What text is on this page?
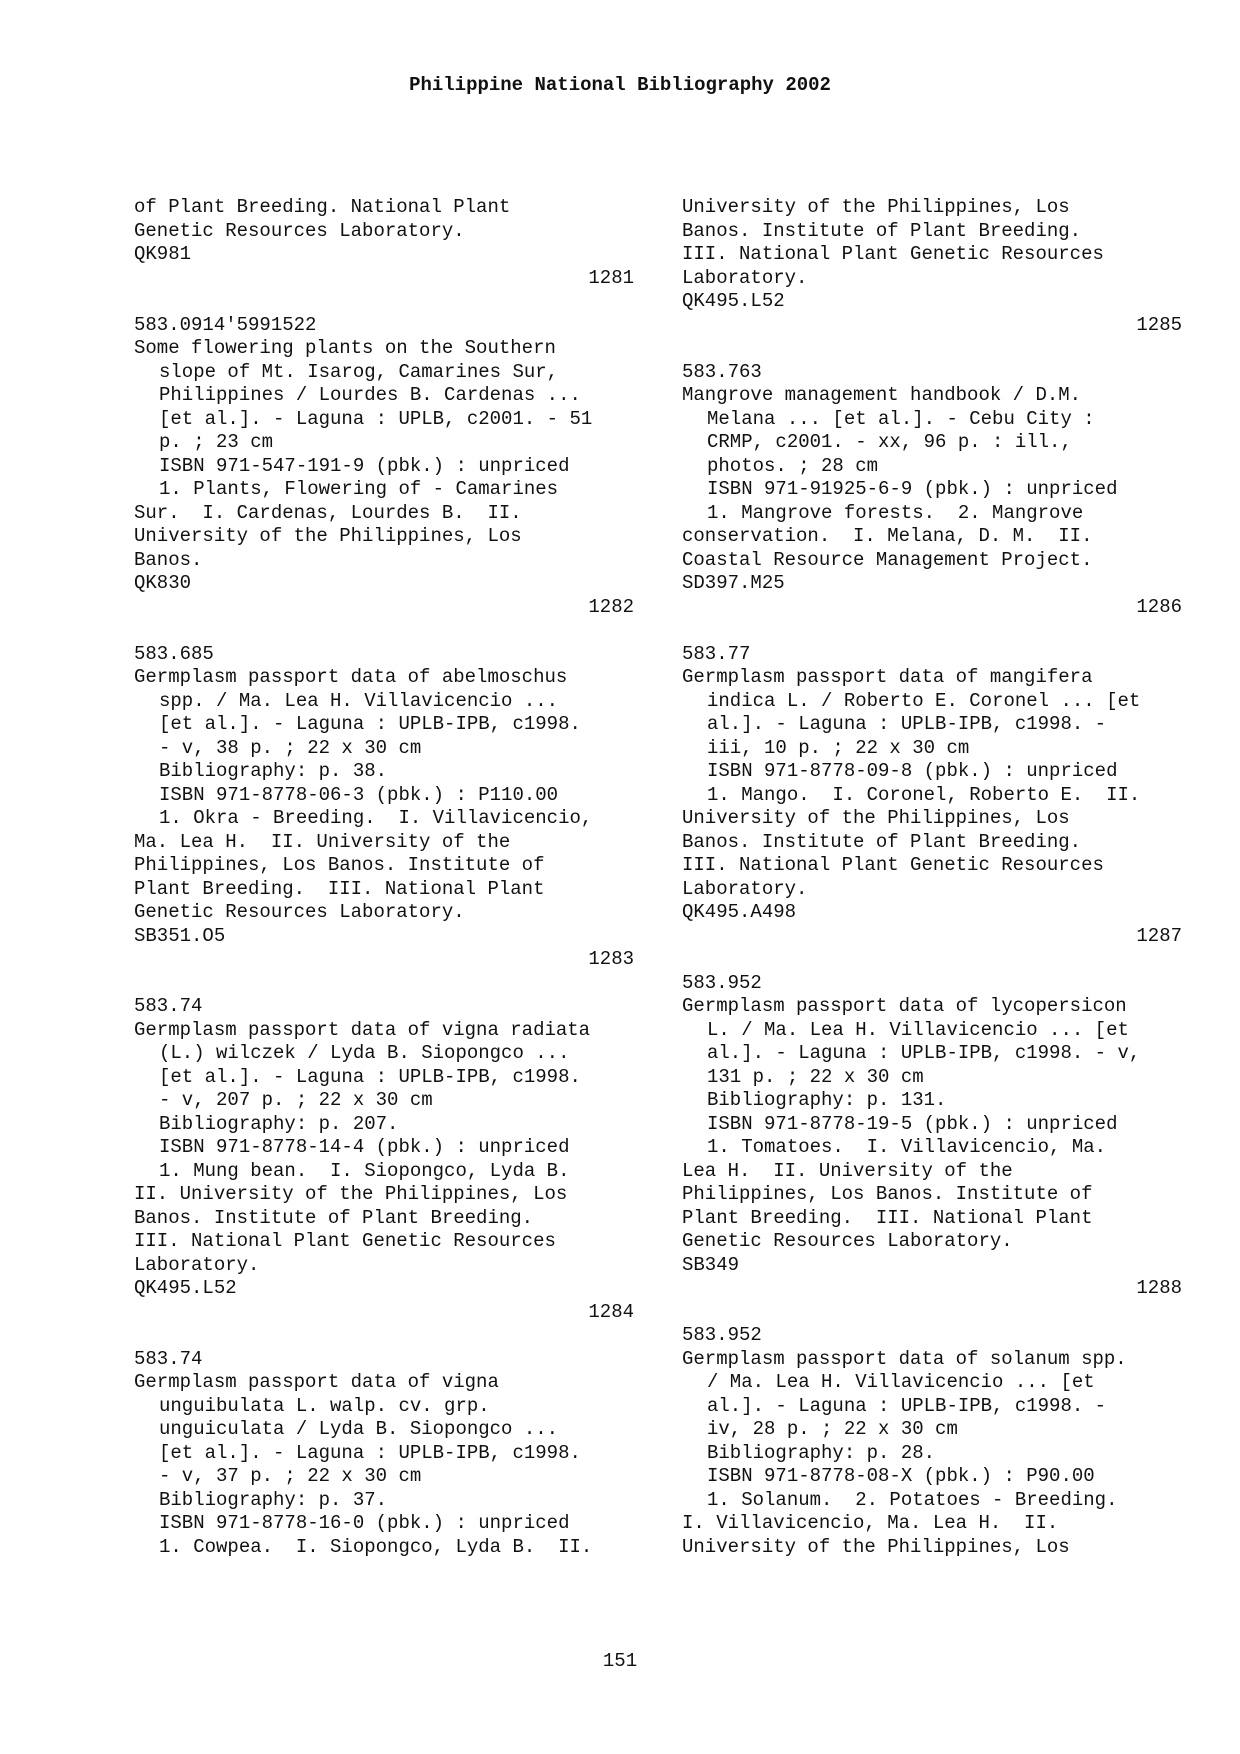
Philippine National Bibliography 2002
of Plant Breeding. National Plant
Genetic Resources Laboratory.
QK981
1281
583.0914'5991522
Some flowering plants on the Southern
slope of Mt. Isarog, Camarines Sur,
Philippines / Lourdes B. Cardenas ...
[et al.]. - Laguna : UPLB, c2001. - 51
p. ; 23 cm
ISBN 971-547-191-9 (pbk.) : unpriced
1. Plants, Flowering of - Camarines
Sur.  I. Cardenas, Lourdes B.  II.
University of the Philippines, Los
Banos.
QK830
1282
583.685
Germplasm passport data of abelmoschus
spp. / Ma. Lea H. Villavicencio ...
[et al.]. - Laguna : UPLB-IPB, c1998.
- v, 38 p. ; 22 x 30 cm
Bibliography: p. 38.
ISBN 971-8778-06-3 (pbk.) : P110.00
1. Okra - Breeding.  I. Villavicencio,
Ma. Lea H.  II. University of the
Philippines, Los Banos. Institute of
Plant Breeding.  III. National Plant
Genetic Resources Laboratory.
SB351.O5
1283
583.74
Germplasm passport data of vigna radiata
(L.) wilczek / Lyda B. Siopongco ...
[et al.]. - Laguna : UPLB-IPB, c1998.
- v, 207 p. ; 22 x 30 cm
Bibliography: p. 207.
ISBN 971-8778-14-4 (pbk.) : unpriced
1. Mung bean.  I. Siopongco, Lyda B.
II. University of the Philippines, Los
Banos. Institute of Plant Breeding.
III. National Plant Genetic Resources
Laboratory.
QK495.L52
1284
583.74
Germplasm passport data of vigna
unguibulata L. walp. cv. grp.
unguiculata / Lyda B. Siopongco ...
[et al.]. - Laguna : UPLB-IPB, c1998.
- v, 37 p. ; 22 x 30 cm
Bibliography: p. 37.
ISBN 971-8778-16-0 (pbk.) : unpriced
1. Cowpea.  I. Siopongco, Lyda B.  II.
University of the Philippines, Los
Banos. Institute of Plant Breeding.
III. National Plant Genetic Resources
Laboratory.
QK495.L52
1285
583.763
Mangrove management handbook / D.M.
Melana ... [et al.]. - Cebu City :
CRMP, c2001. - xx, 96 p. : ill.,
photos. ; 28 cm
ISBN 971-91925-6-9 (pbk.) : unpriced
1. Mangrove forests.  2. Mangrove
conservation.  I. Melana, D. M.  II.
Coastal Resource Management Project.
SD397.M25
1286
583.77
Germplasm passport data of mangifera
indica L. / Roberto E. Coronel ... [et
al.]. - Laguna : UPLB-IPB, c1998. -
iii, 10 p. ; 22 x 30 cm
ISBN 971-8778-09-8 (pbk.) : unpriced
1. Mango.  I. Coronel, Roberto E.  II.
University of the Philippines, Los
Banos. Institute of Plant Breeding.
III. National Plant Genetic Resources
Laboratory.
QK495.A498
1287
583.952
Germplasm passport data of lycopersicon
L. / Ma. Lea H. Villavicencio ... [et
al.]. - Laguna : UPLB-IPB, c1998. - v,
131 p. ; 22 x 30 cm
Bibliography: p. 131.
ISBN 971-8778-19-5 (pbk.) : unpriced
1. Tomatoes.  I. Villavicencio, Ma.
Lea H.  II. University of the
Philippines, Los Banos. Institute of
Plant Breeding.  III. National Plant
Genetic Resources Laboratory.
SB349
1288
583.952
Germplasm passport data of solanum spp.
/ Ma. Lea H. Villavicencio ... [et
al.]. - Laguna : UPLB-IPB, c1998. -
iv, 28 p. ; 22 x 30 cm
Bibliography: p. 28.
ISBN 971-8778-08-X (pbk.) : P90.00
1. Solanum.  2. Potatoes - Breeding.
I. Villavicencio, Ma. Lea H.  II.
University of the Philippines, Los
151
